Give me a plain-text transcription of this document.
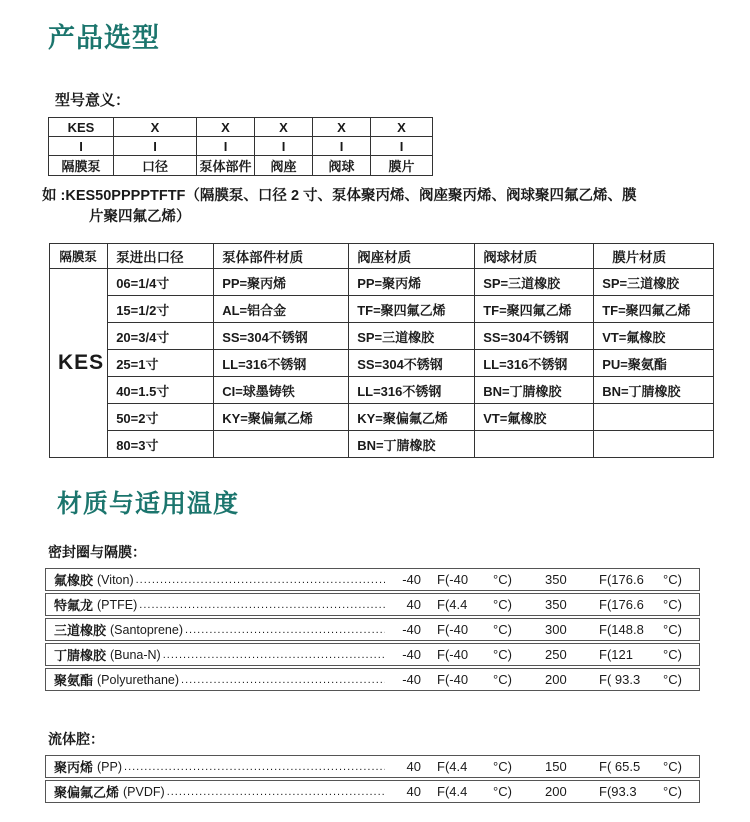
产品选型
型号意义：
KES	X	X	X	X	X
I	I	I	I	I	I
隔膜泵	口径	泵体部件	阀座	阀球	膜片
如 :KES50PPPPTFTF（隔膜泵、口径 2 寸、泵体聚丙烯、阀座聚丙烯、阀球聚四氟乙烯、膜
片聚四氟乙烯）
隔膜泵	泵进出口径	泵体部件材质	阀座材质	阀球材质	膜片材质
KES	06=1/4寸	PP=聚丙烯	PP=聚丙烯	SP=三道橡胶	SP=三道橡胶
	15=1/2寸	AL=铝合金	TF=聚四氟乙烯	TF=聚四氟乙烯	TF=聚四氟乙烯
	20=3/4寸	SS=304不锈钢	SP=三道橡胶	SS=304不锈钢	VT=氟橡胶
	25=1寸	LL=316不锈钢	SS=304不锈钢	LL=316不锈钢	PU=聚氨酯
	40=1.5寸	CI=球墨铸铁	LL=316不锈钢	BN=丁腈橡胶	BN=丁腈橡胶
	50=2寸	KY=聚偏氟乙烯	KY=聚偏氟乙烯	VT=氟橡胶	
	80=3寸		BN=丁腈橡胶		
材质与适用温度
密封圈与隔膜：
氟橡胶 (Viton) .....	-40 F(-40	°C)	350	F(176.6	°C)
特氟龙 (PTFE) .....	40 F(4.4	°C)	350	F(176.6	°C)
三道橡胶 (Santoprene) .....	-40 F(-40	°C)	300	F(148.8	°C)
丁腈橡胶 (Buna-N) .....	-40 F(-40	°C)	250	F(121	°C)
聚氨酯 (Polyurethane) .....	-40 F(-40	°C)	200	F( 93.3	°C)
流体腔：
聚丙烯 (PP) .....	40 F(4.4	°C)	150	F( 65.5	°C)
聚偏氟乙烯 (PVDF) .....	40 F(4.4	°C)	200	F(93.3	°C)
